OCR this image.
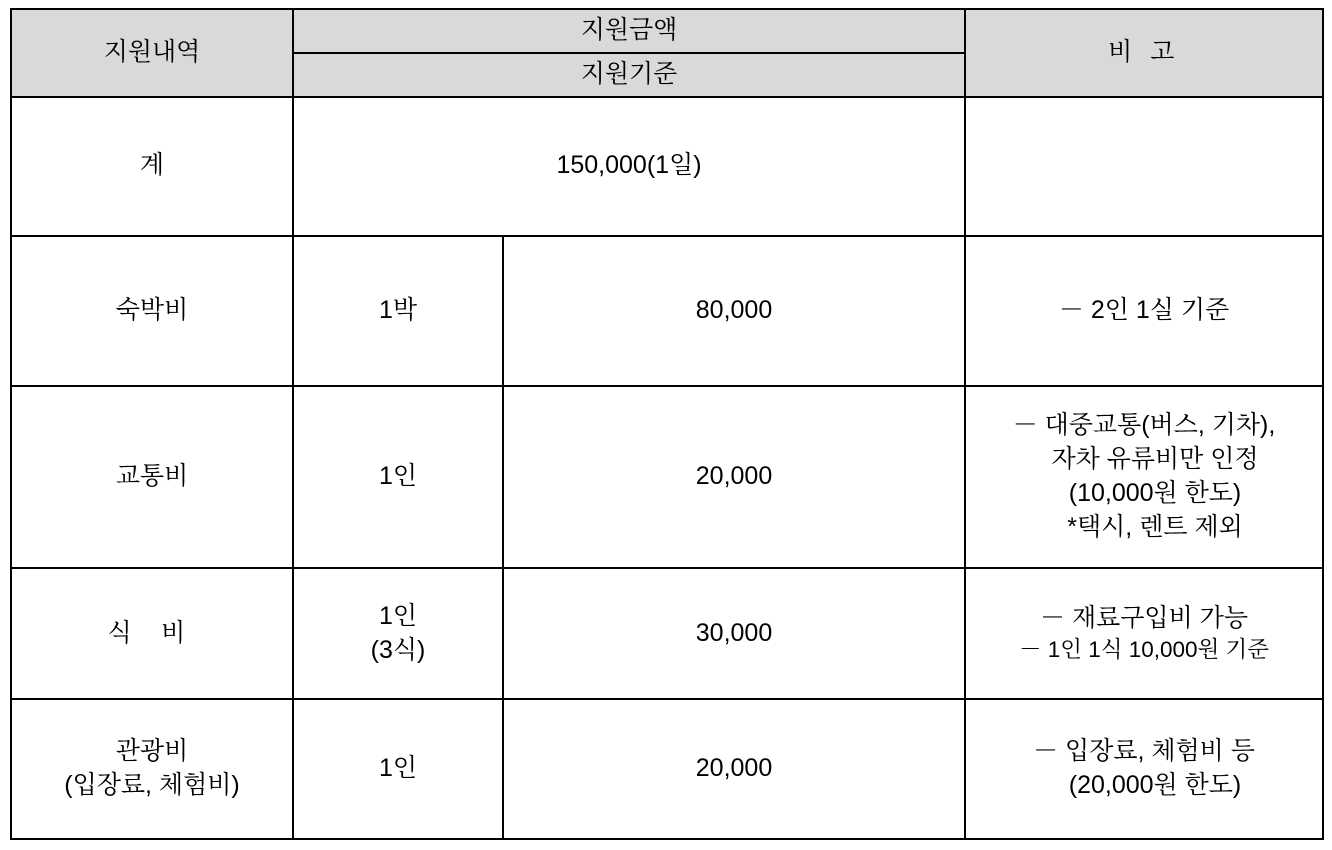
지원내역	지원금액		비 고
	지원기준		
계	150,000(1일)		
숙박비	1박	80,000	－ 2인 1실 기준

교통비	1인	20,000	－ 대중교통(버스, 기차),
자차 유류비만 인정
(10,000원 한도)
*택시, 렌트 제외

식 비	1인
(3식)	30,000	－ 재료구입비 가능
－ 1인 1식 10,000원 기준

관광비
(입장료, 체험비)	1인	20,000	－ 입장료, 체험비 등
(20,000원 한도)
